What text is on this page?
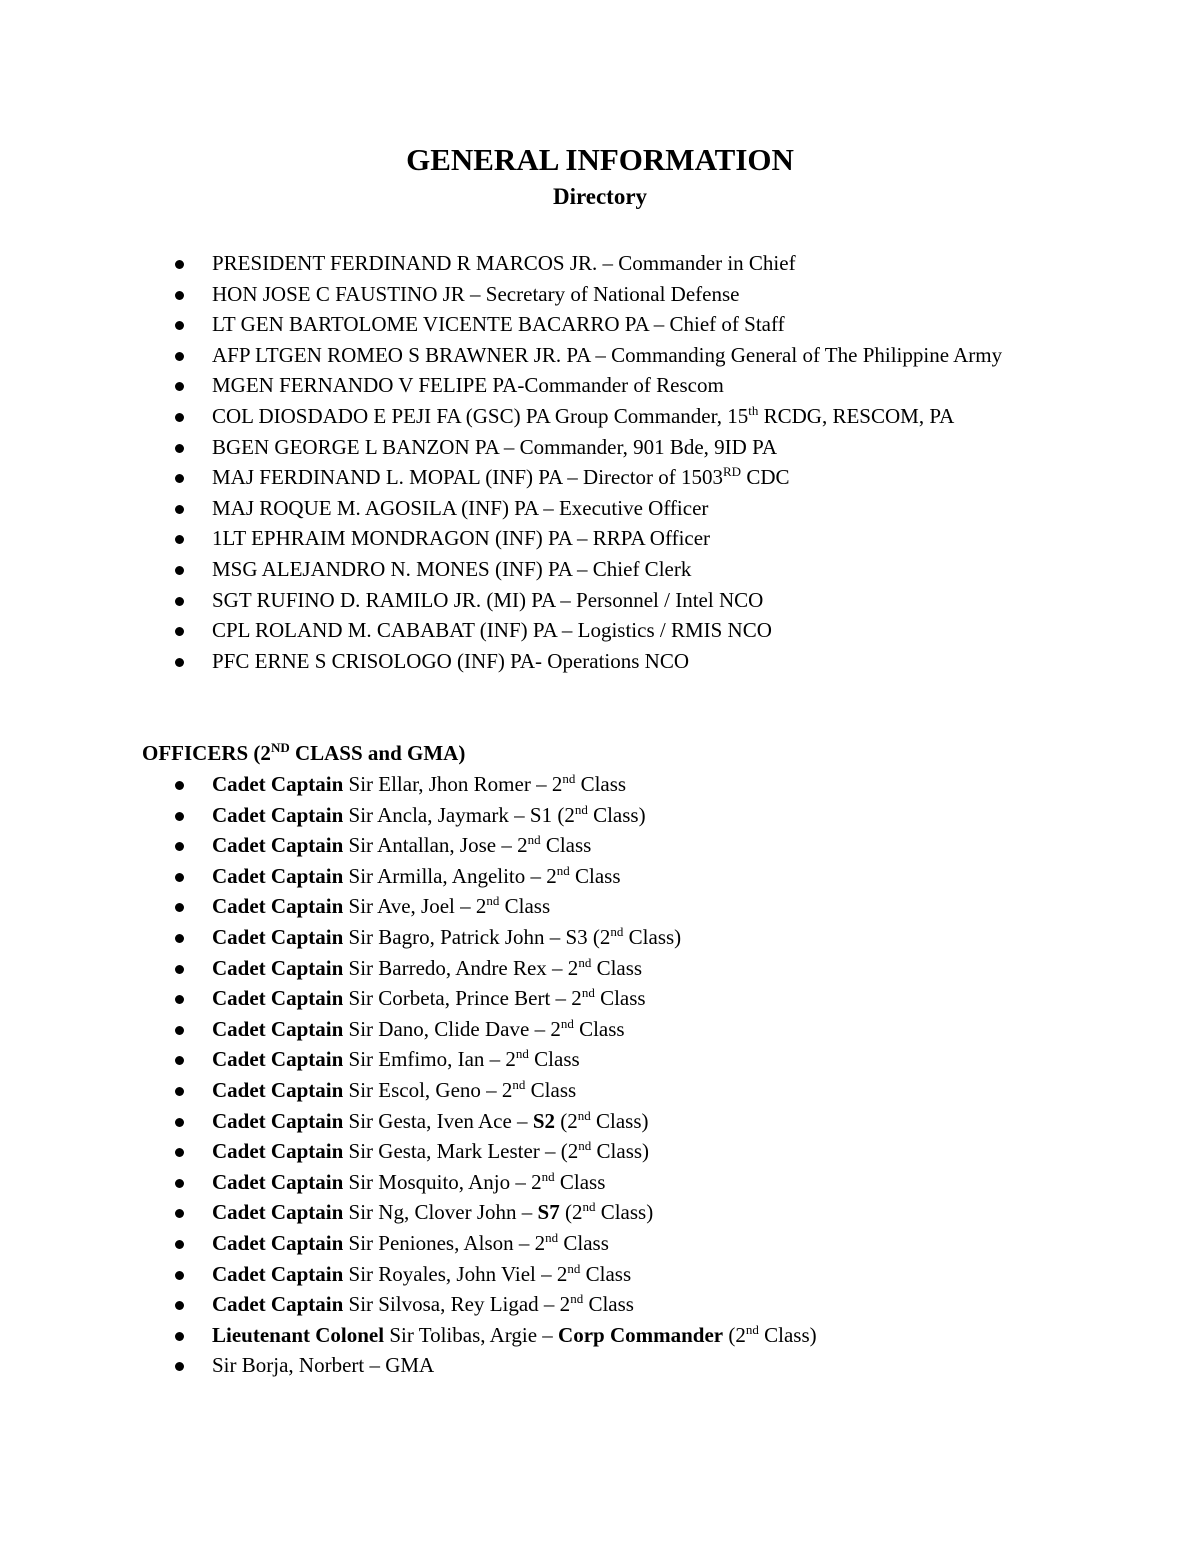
GENERAL INFORMATION
Directory
PRESIDENT FERDINAND R MARCOS JR. – Commander in Chief
HON JOSE C FAUSTINO JR – Secretary of National Defense
LT GEN BARTOLOME VICENTE BACARRO PA – Chief of Staff
AFP LTGEN ROMEO S BRAWNER JR. PA – Commanding General of The Philippine Army
MGEN FERNANDO V FELIPE PA-Commander of Rescom
COL DIOSDADO E PEJI FA (GSC) PA Group Commander, 15th RCDG, RESCOM, PA
BGEN GEORGE L BANZON PA – Commander, 901 Bde, 9ID PA
MAJ FERDINAND L. MOPAL (INF) PA – Director of 1503RD CDC
MAJ ROQUE M. AGOSILA (INF) PA – Executive Officer
1LT EPHRAIM MONDRAGON (INF) PA – RRPA Officer
MSG ALEJANDRO N. MONES (INF) PA – Chief Clerk
SGT RUFINO D. RAMILO JR. (MI) PA – Personnel / Intel NCO
CPL ROLAND M. CABABAT (INF) PA – Logistics / RMIS NCO
PFC ERNE S CRISOLOGO (INF) PA- Operations NCO
OFFICERS (2ND CLASS and GMA)
Cadet Captain Sir Ellar, Jhon Romer – 2nd Class
Cadet Captain Sir Ancla, Jaymark – S1 (2nd Class)
Cadet Captain Sir Antallan, Jose – 2nd Class
Cadet Captain Sir Armilla, Angelito – 2nd Class
Cadet Captain Sir Ave, Joel – 2nd Class
Cadet Captain Sir Bagro, Patrick John – S3 (2nd Class)
Cadet Captain Sir Barredo, Andre Rex – 2nd Class
Cadet Captain Sir Corbeta, Prince Bert – 2nd Class
Cadet Captain Sir Dano, Clide Dave – 2nd Class
Cadet Captain Sir Emfimo, Ian – 2nd Class
Cadet Captain Sir Escol, Geno – 2nd Class
Cadet Captain Sir Gesta, Iven Ace – S2 (2nd Class)
Cadet Captain Sir Gesta, Mark Lester – (2nd Class)
Cadet Captain Sir Mosquito, Anjo – 2nd Class
Cadet Captain Sir Ng, Clover John – S7 (2nd Class)
Cadet Captain Sir Peniones, Alson – 2nd Class
Cadet Captain Sir Royales, John Viel – 2nd Class
Cadet Captain Sir Silvosa, Rey Ligad – 2nd Class
Lieutenant Colonel Sir Tolibas, Argie – Corp Commander (2nd Class)
Sir Borja, Norbert – GMA
